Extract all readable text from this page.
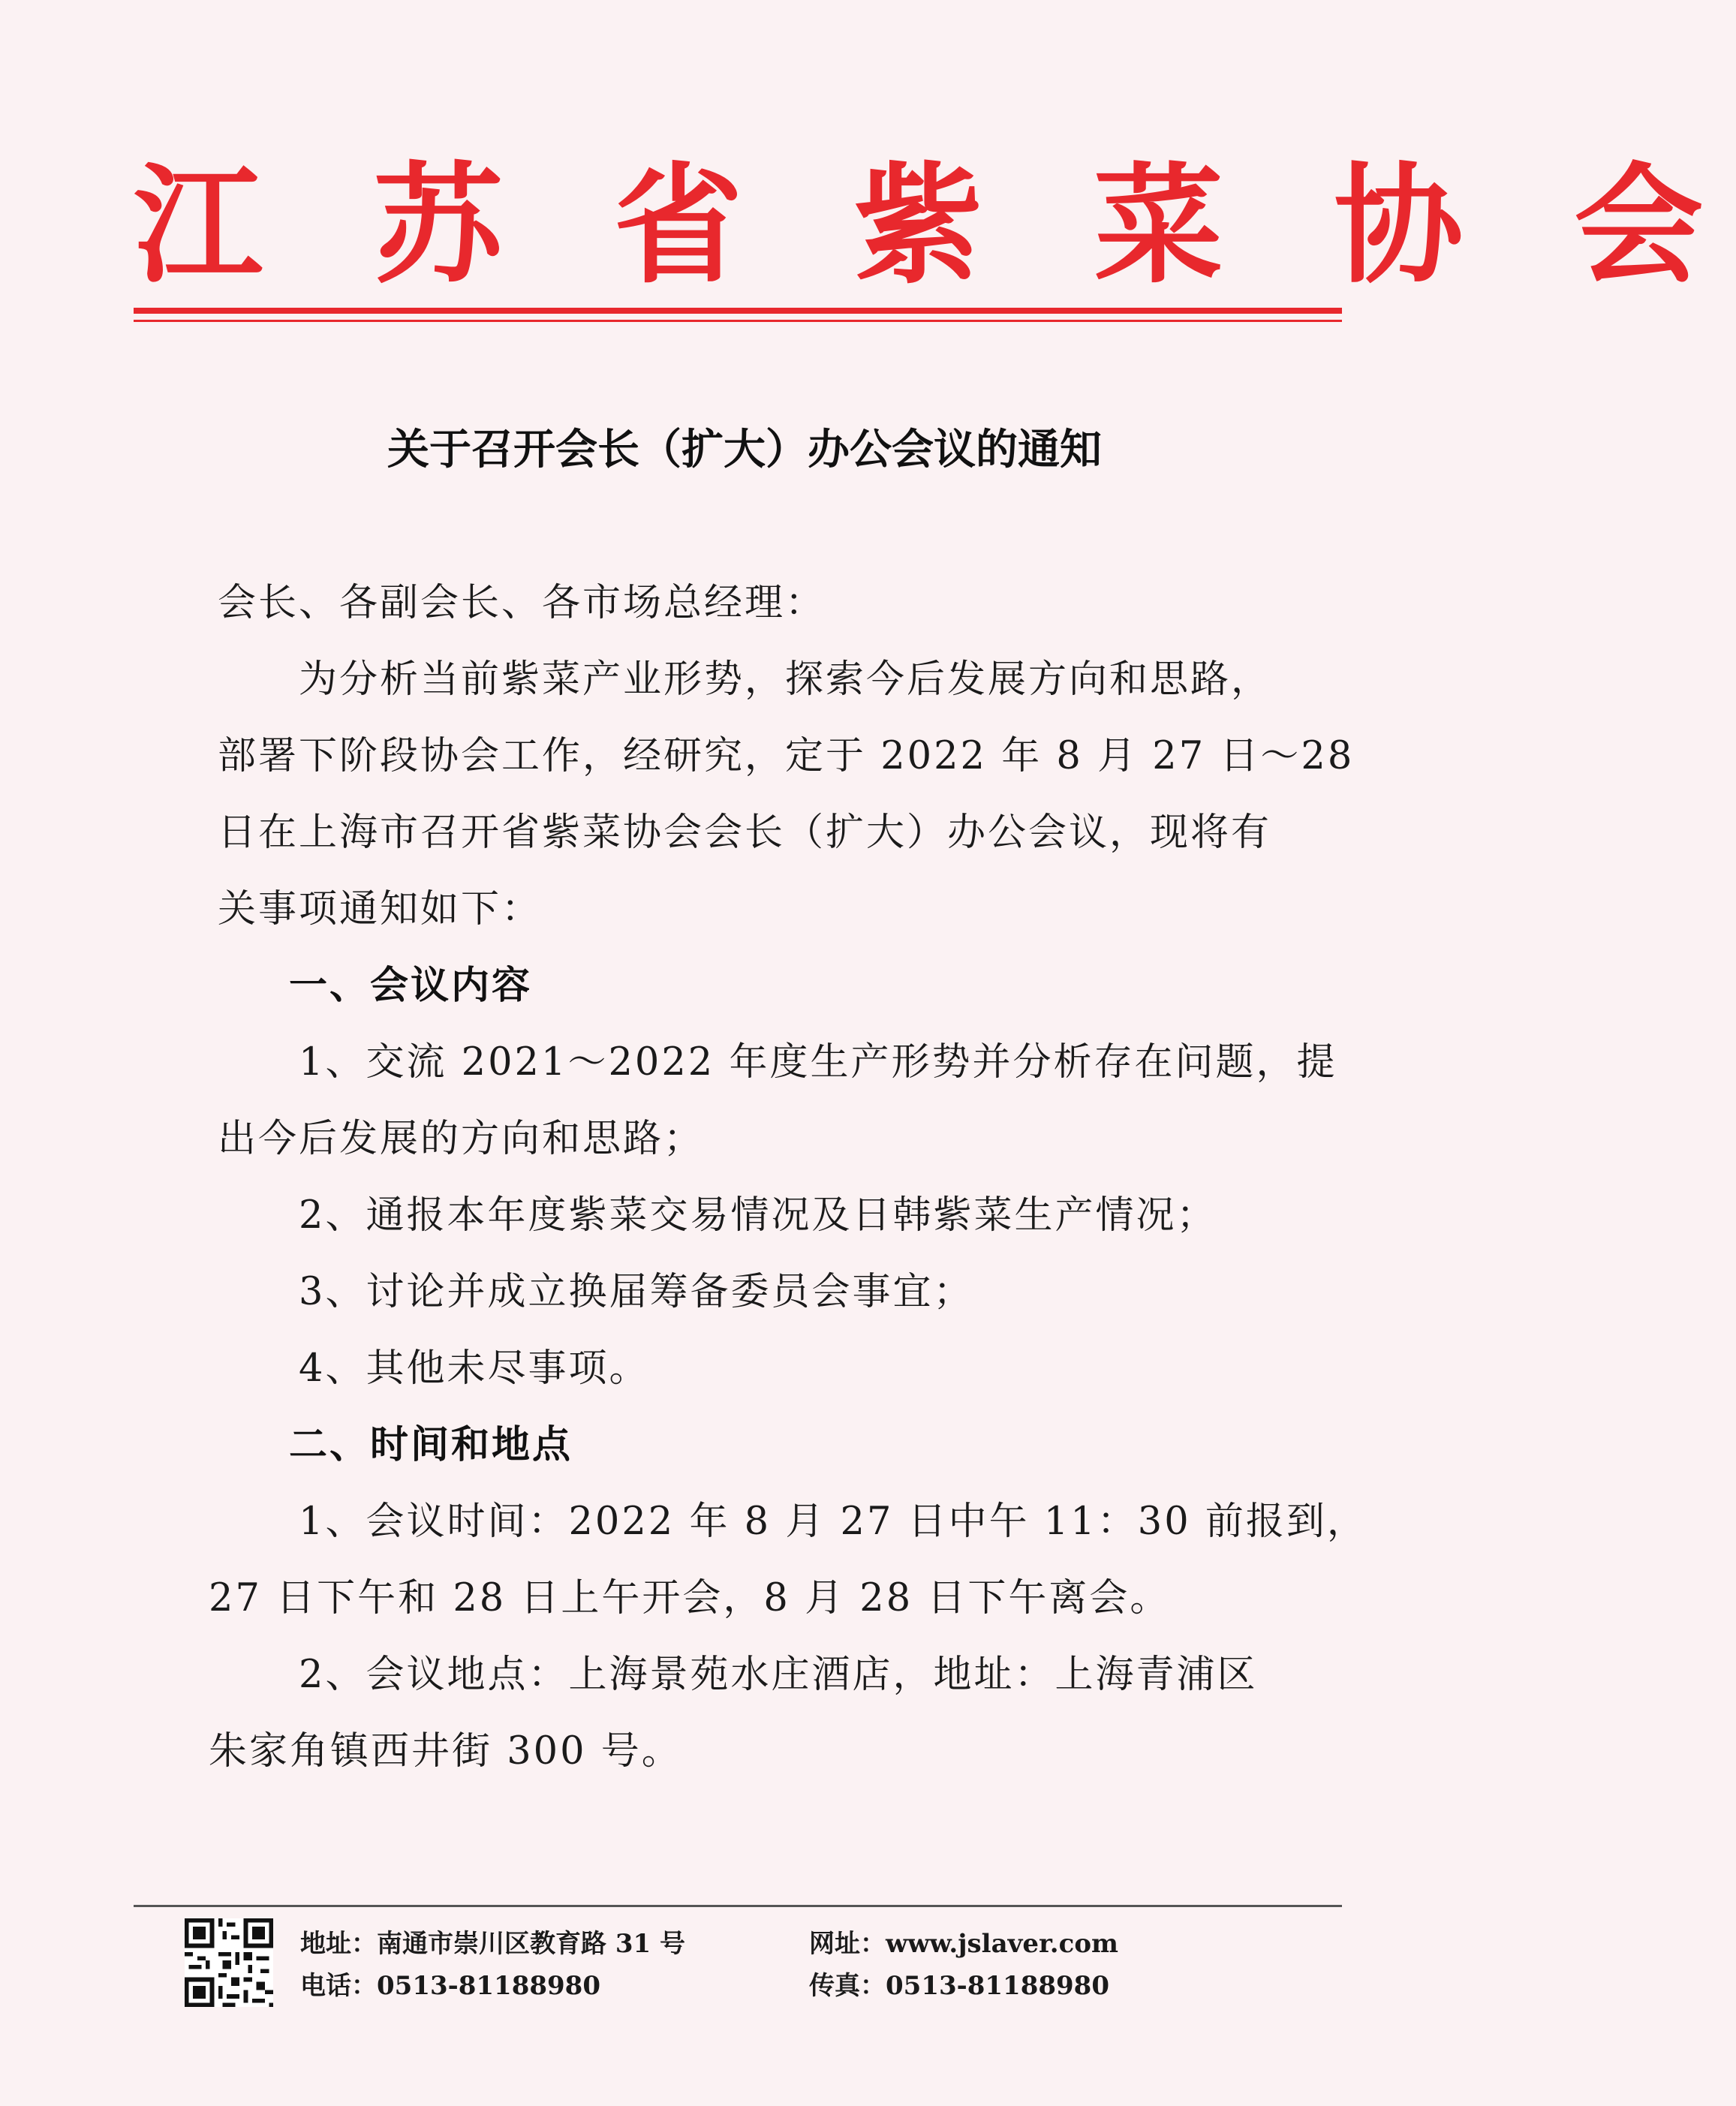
江 苏 省 紫 菜 协 会
关于召开会长（扩大）办公会议的通知
会长、各副会长、各市场总经理：
　　为分析当前紫菜产业形势，探索今后发展方向和思路，
部署下阶段协会工作，经研究，定于 2022 年 8 月 27 日～28
日在上海市召开省紫菜协会会长（扩大）办公会议，现将有
关事项通知如下：
一、会议内容
　　1、交流 2021～2022 年度生产形势并分析存在问题，提
出今后发展的方向和思路；
　　2、通报本年度紫菜交易情况及日韩紫菜生产情况；
　　3、讨论并成立换届筹备委员会事宜；
　　4、其他未尽事项。
二、时间和地点
　　1、会议时间：2022 年 8 月 27 日中午 11：30 前报到，
27 日下午和 28 日上午开会，8 月 28 日下午离会。
　　2、会议地点：上海景苑水庄酒店，地址：上海青浦区
朱家角镇西井街 300 号。
地址：南通市崇川区教育路 31 号
电话：0513-81188980
网址：www.jslaver.com
传真：0513-81188980
